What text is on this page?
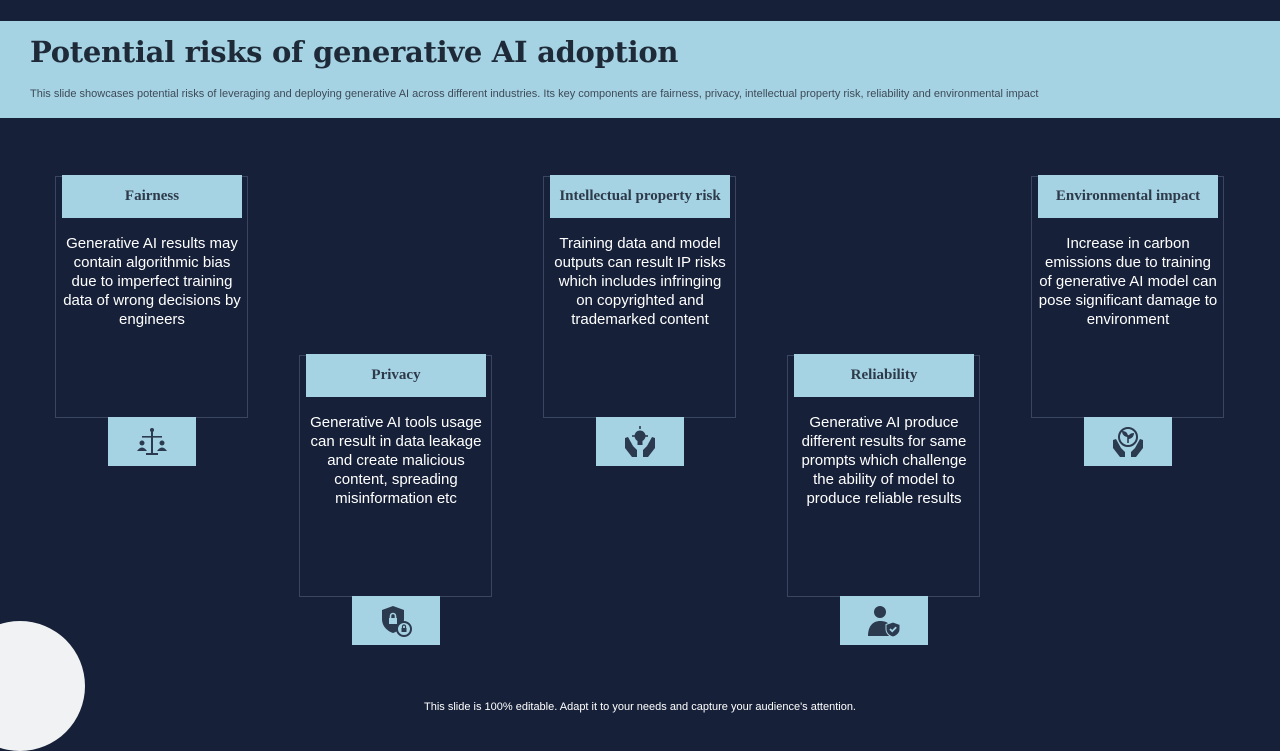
Potential risks of generative AI adoption

This slide showcases potential risks of leveraging and deploying generative AI across different industries. Its key components are fairness, privacy, intellectual property risk, reliability and environmental impact

Fairness
Generative AI results may contain algorithmic bias due to imperfect training data of wrong decisions by engineers
Privacy
Generative AI tools usage can result in data leakage and create malicious content, spreading misinformation etc
Intellectual property risk
Training data and model outputs can result IP risks which includes infringing on copyrighted and trademarked content
Reliability
Generative AI produce different results for same prompts which challenge the ability of model to produce reliable results
Environmental impact
Increase in carbon emissions due to training of generative AI model can pose significant damage to environment

This slide is 100% editable. Adapt it to your needs and capture your audience's attention.
